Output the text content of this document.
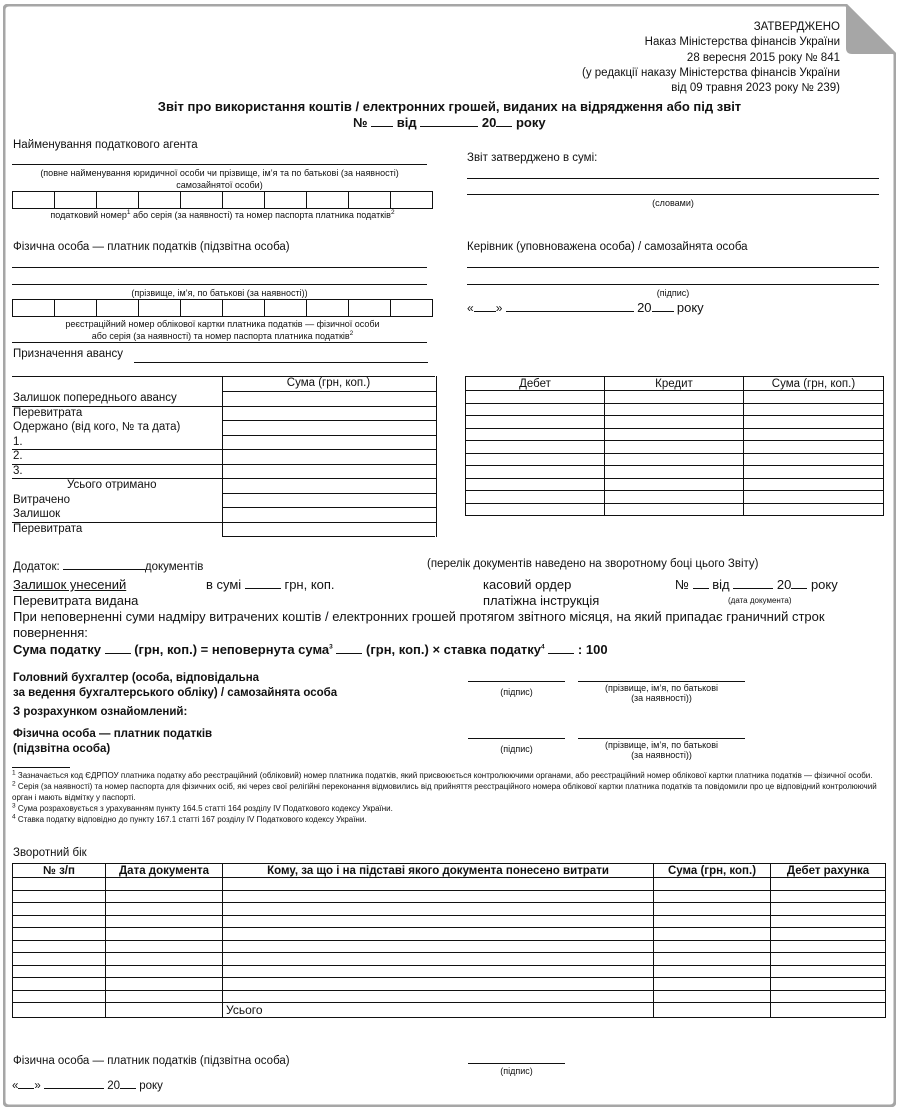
ЗАТВЕРДЖЕНО
Наказ Міністерства фінансів України
28 вересня 2015 року № 841
(у редакції наказу Міністерства фінансів України
від 09 травня 2023 року № 239)
Звіт про використання коштів / електронних грошей, виданих на відрядження або під звіт
№ від	20 року
Найменування податкового агента
(повне найменування юридичної особи чи прізвище, ім’я та по батькові (за наявності) самозайнятої особи)

податковий номер$^1$ або серія (за наявності) та номер паспорта платника податків$^2$
Фізична особа — платник податків (підзвітна особа)
(прізвище, ім’я, по батькові (за наявності))

реєстраційний номер облікової картки платника податків — фізичної особи
або серія (за наявності) та номер паспорта платника податків$^2$
Призначення авансу
Звіт затверджено в сумі:
(словами)
Керівник (уповноважена особа) / самозайнята особа
(підпис)
« »	20 року
Сума (грн, коп.)
Залишок попереднього авансу
Перевитрата
Одержано (від кого, № та дата)
1.
2.
3.
Усього отримано
Витрачено
Залишок
Перевитрата
Дебет	Кредит	Сума (грн, коп.)

Додаток:	документів	(перелік документів наведено на зворотному боці цього Звіту)
Залишок унесений
Перевитрата видана
в сумі	грн, коп.	касовий ордер
платіжна інструкція
№ від	20 року
(дата документа)
При неповерненні суми надміру витрачених коштів / електронних грошей протягом звітного місяця, на який припадає граничний строк повернення:
Сума податку	(грн, коп.) = неповернута сума$^3$	(грн, коп.) × ставка податку$^4$	: 100
Головний бухгалтер (особа, відповідальна
за ведення бухгалтерського обліку) / самозайнята особа	(підпис)	(прізвище, ім’я, по батькові
(за наявності))
З розрахунком ознайомлений:
Фізична особа — платник податків
(підзвітна особа)	(підпис)	(прізвище, ім’я, по батькові
(за наявності))
$^1$ Зазначається код ЄДРПОУ платника податку або реєстраційний (обліковий) номер платника податків, який присвоюється контролюючими органами, або реєстраційний номер облікової картки платника податків — фізичної особи.
$^2$ Серія (за наявності) та номер паспорта для фізичних осіб, які через свої релігійні переконання відмовились від прийняття реєстраційного номера облікової картки платника податків та повідомили про це відповідний контролюючий орган і мають відмітку у паспорті.
$^3$ Сума розраховується з урахуванням пункту 164.5 статті 164 розділу IV Податкового кодексу України.
$^4$ Ставка податку відповідно до пункту 167.1 статті 167 розділу IV Податкового кодексу України.
Зворотний бік
№ з/п	Дата документа	Кому, за що і на підставі якого документа понесено витрати	Сума (грн, коп.)	Дебет рахунка

		Усього		
Фізична особа — платник податків (підзвітна особа)
(підпис)
« »	20 року
